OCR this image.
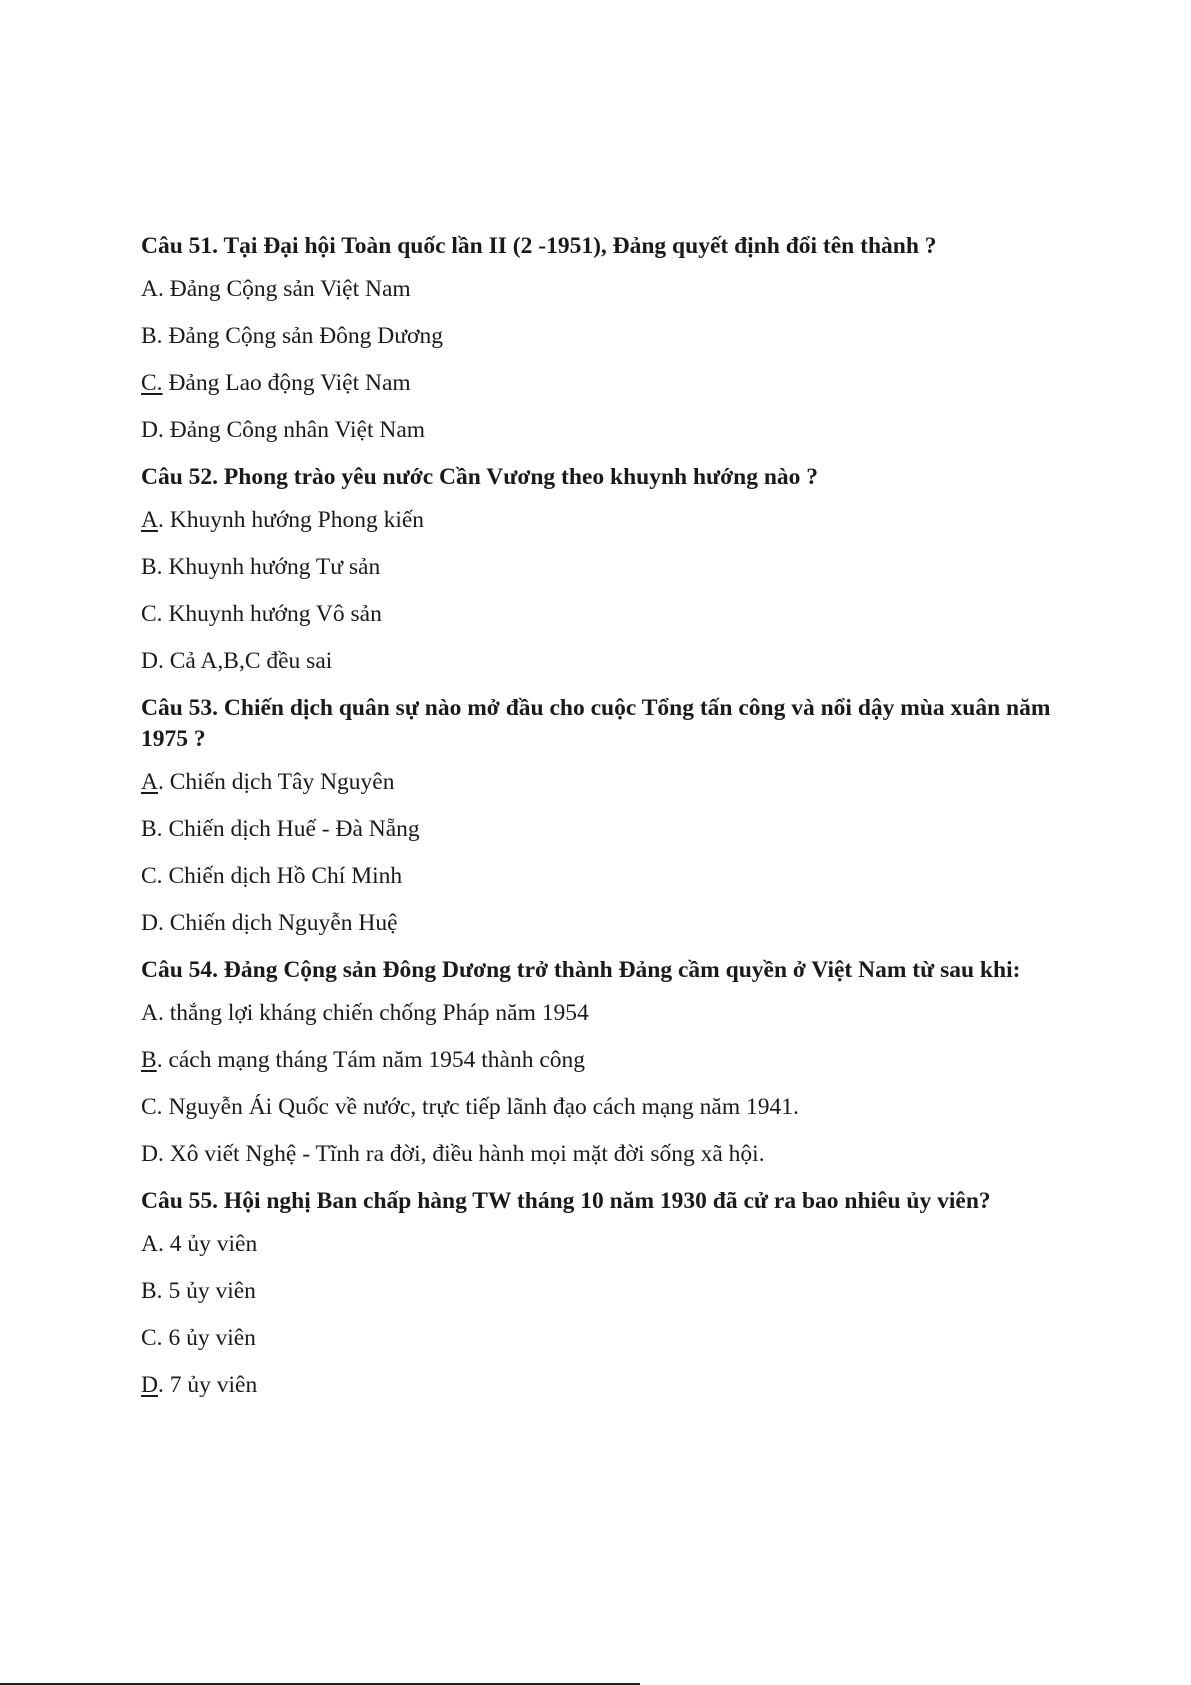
Câu 51. Tại Đại hội Toàn quốc lần II (2 -1951), Đảng quyết định đổi tên thành ?

A. Đảng Cộng sản Việt Nam

B. Đảng Cộng sản Đông Dương

C. Đảng Lao động Việt Nam

D. Đảng Công nhân Việt Nam

Câu 52. Phong trào yêu nước Cần Vương theo khuynh hướng nào ?

A. Khuynh hướng Phong kiến

B. Khuynh hướng Tư sản

C. Khuynh hướng Vô sản

D. Cả A,B,C đều sai

Câu 53. Chiến dịch quân sự nào mở đầu cho cuộc Tổng tấn công và nổi dậy mùa xuân năm 1975 ?

A. Chiến dịch Tây Nguyên

B. Chiến dịch Huế - Đà Nẵng

C. Chiến dịch Hồ Chí Minh

D. Chiến dịch Nguyễn Huệ

Câu 54. Đảng Cộng sản Đông Dương trở thành Đảng cầm quyền ở Việt Nam từ sau khi:

A. thắng lợi kháng chiến chống Pháp năm 1954

B. cách mạng tháng Tám năm 1954 thành công

C. Nguyễn Ái Quốc về nước, trực tiếp lãnh đạo cách mạng năm 1941.

D. Xô viết Nghệ - Tĩnh ra đời, điều hành mọi mặt đời sống xã hội.

Câu 55. Hội nghị Ban chấp hàng TW tháng 10 năm 1930 đã cử ra bao nhiêu ủy viên?

A. 4 ủy viên

B. 5 ủy viên

C. 6 ủy viên

D. 7 ủy viên
